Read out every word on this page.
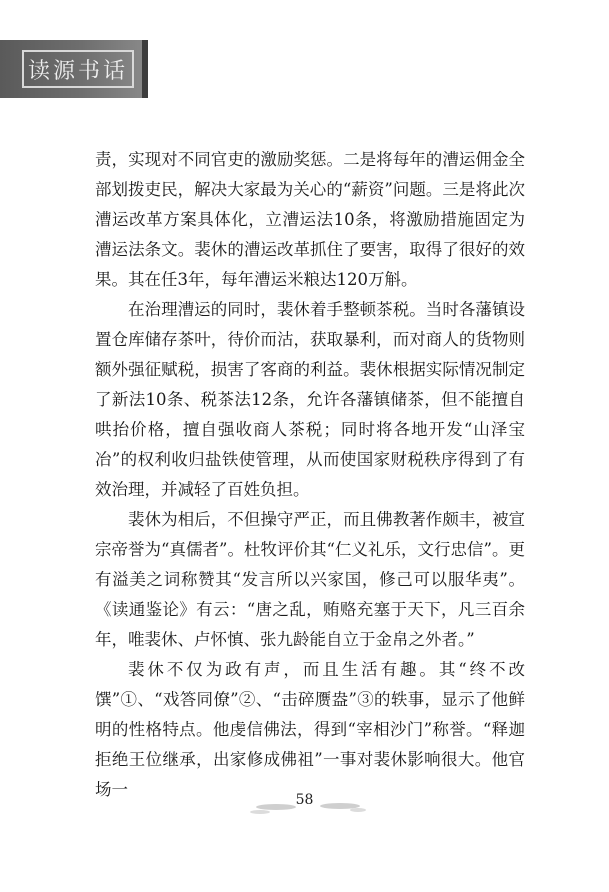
读源书话

责，实现对不同官吏的激励奖惩。二是将每年的漕运佣金全部划拨吏民，解决大家最为关心的“薪资”问题。三是将此次漕运改革方案具体化，立漕运法10条，将激励措施固定为漕运法条文。裴休的漕运改革抓住了要害，取得了很好的效果。其在任3年，每年漕运米粮达120万斛。

在治理漕运的同时，裴休着手整顿茶税。当时各藩镇设置仓库储存茶叶，待价而沽，获取暴利，而对商人的货物则额外强征赋税，损害了客商的利益。裴休根据实际情况制定了新法10条、税茶法12条，允许各藩镇储茶，但不能擅自哄抬价格，擅自强收商人茶税；同时将各地开发“山泽宝冶”的权利收归盐铁使管理，从而使国家财税秩序得到了有效治理，并减轻了百姓负担。

裴休为相后，不但操守严正，而且佛教著作颇丰，被宣宗帝誉为“真儒者”。杜牧评价其“仁义礼乐，文行忠信”。更有溢美之词称赞其“发言所以兴家国，修己可以服华夷”。《读通鉴论》有云：“唐之乱，贿赂充塞于天下，凡三百余年，唯裴休、卢怀慎、张九龄能自立于金帛之外者。”

裴休不仅为政有声，而且生活有趣。其“终不改馔”①、“戏答同僚”②、“击碎赝盎”③的轶事，显示了他鲜明的性格特点。他虔信佛法，得到“宰相沙门”称誉。“释迦拒绝王位继承，出家修成佛祖”一事对裴休影响很大。他官场一

58
